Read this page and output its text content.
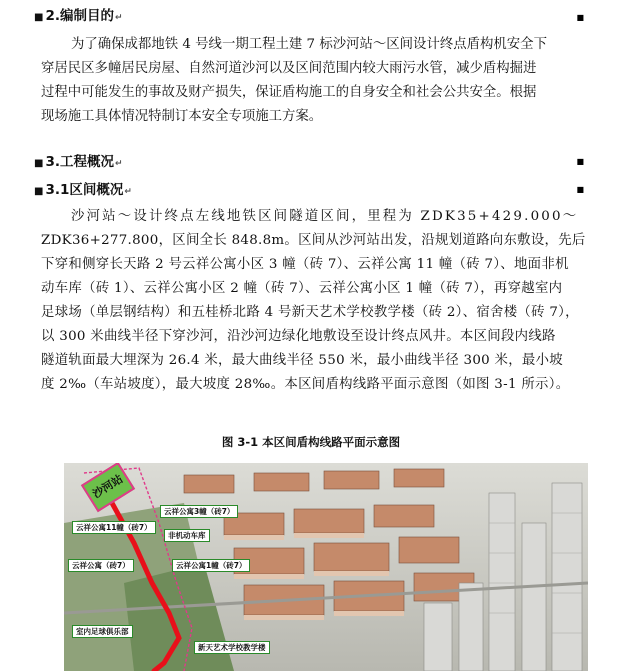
■
■ 2.编制目的↵
为了确保成都地铁 4 号线一期工程土建 7 标沙河站～区间设计终点盾构机安全下
穿居民区多幢居民房屋、自然河道沙河以及区间范围内较大雨污水管，减少盾构掘进
过程中可能发生的事故及财产损失，保证盾构施工的自身安全和社会公共安全。根据
现场施工具体情况特制订本安全专项施工方案。
■
■ 3.工程概况↵
■
■ 3.1区间概况↵
沙河站～设计终点左线地铁区间隧道区间，里程为 ZDK35+429.000～
ZDK36+277.800，区间全长 848.8m。区间从沙河站出发，沿规划道路向东敷设，先后
下穿和侧穿长天路 2 号云祥公寓小区 3 幢（砖 7）、云祥公寓 11 幢（砖 7）、地面非机
动车库（砖 1）、云祥公寓小区 2 幢（砖 7）、云祥公寓小区 1 幢（砖 7），再穿越室内
足球场（单层钢结构）和五桂桥北路 4 号新天艺术学校教学楼（砖 2）、宿舍楼（砖 7），
以 300 米曲线半径下穿沙河，沿沙河边绿化地敷设至设计终点风井。本区间段内线路
隧道轨面最大埋深为 26.4 米，最大曲线半径 550 米，最小曲线半径 300 米，最小坡
度 2‰（车站坡度），最大坡度 28‰。本区间盾构线路平面示意图（如图 3-1 所示）。
图 3-1 本区间盾构线路平面示意图
沙河站
云祥公寓11幢（砖7）
云祥公寓3幢（砖7）
非机动车库
云祥公寓（砖7）	云祥公寓1幢（砖7）
室内足球俱乐部
新天艺术学校教学楼
